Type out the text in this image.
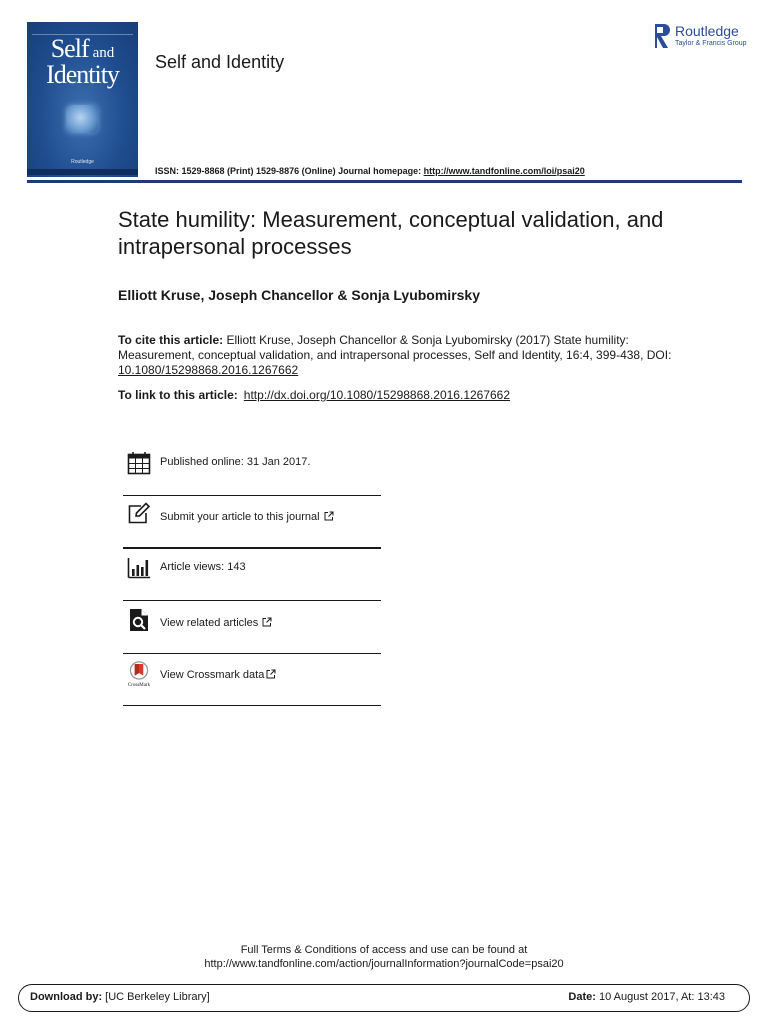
Self and
Identity
Routledge
Self and Identity
Routledge
Taylor & Francis Group
ISSN: 1529-8868 (Print) 1529-8876 (Online) Journal homepage: http://www.tandfonline.com/loi/psai20
State humility: Measurement, conceptual validation, and intrapersonal processes
Elliott Kruse, Joseph Chancellor & Sonja Lyubomirsky
To cite this article: Elliott Kruse, Joseph Chancellor & Sonja Lyubomirsky (2017) State humility: Measurement, conceptual validation, and intrapersonal processes, Self and Identity, 16:4, 399-438, DOI: 10.1080/15298868.2016.1267662
To link to this article: http://dx.doi.org/10.1080/15298868.2016.1267662
Published online: 31 Jan 2017.
Submit your article to this journal
Article views: 143
View related articles
CrossMark
View Crossmark data
Full Terms & Conditions of access and use can be found at
http://www.tandfonline.com/action/journalInformation?journalCode=psai20
Download by: [UC Berkeley Library]	Date: 10 August 2017, At: 13:43
